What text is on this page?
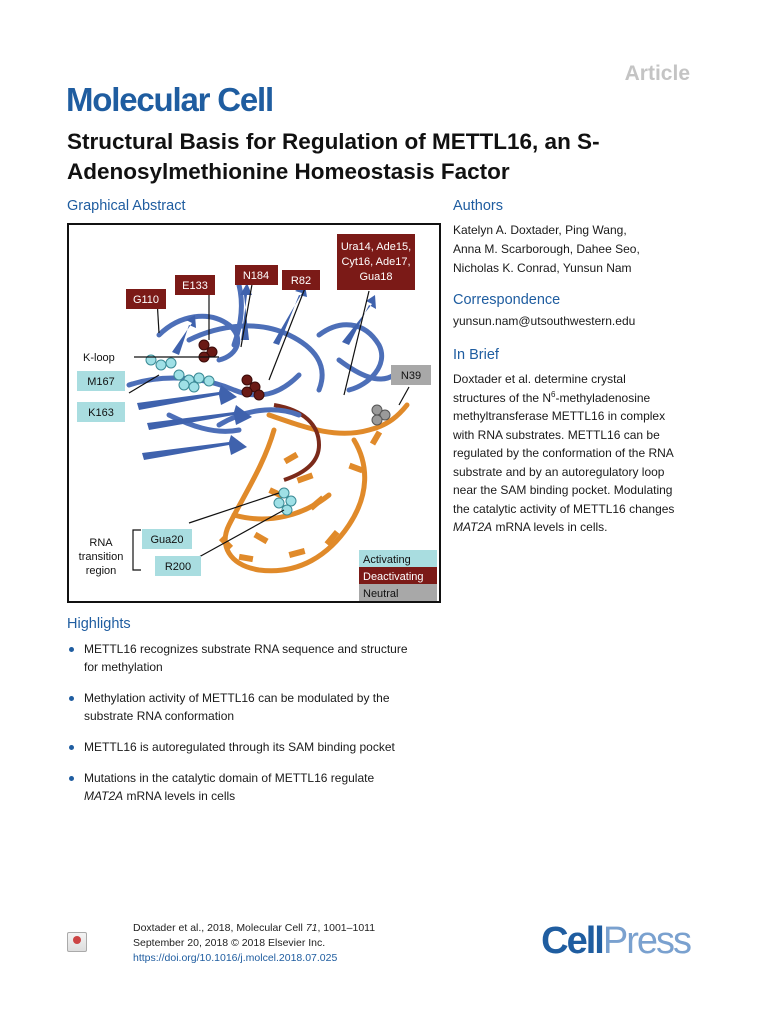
Article
Molecular Cell
Structural Basis for Regulation of METTL16, an S-Adenosylmethionine Homeostasis Factor
Graphical Abstract	Authors
Correspondence
In Brief
Highlights
Katelyn A. Doxtader, Ping Wang,
Anna M. Scarborough, Dahee Seo,
Nicholas K. Conrad, Yunsun Nam
yunsun.nam@utsouthwestern.edu
Doxtader et al. determine crystal
structures of the $N^6$-methyladenosine
methyltransferase METTL16 in complex
with RNA substrates. METTL16 can be
regulated by the conformation of the RNA
substrate and by an autoregulatory loop
near the SAM binding pocket. Modulating
the catalytic activity of METTL16 changes
MAT2A mRNA levels in cells.
Ura14, Ade15,
Cyt16, Ade17,
Gua18
N184
E133	R82
G110
K-loop
M167
K163
N39
RNA
transition
region
Gua20
R200
Activating
Deactivating
Neutral
METTL16 recognizes substrate RNA sequence and structure
for methylation
Methylation activity of METTL16 can be modulated by the
substrate RNA conformation
METTL16 is autoregulated through its SAM binding pocket
Mutations in the catalytic domain of METTL16 regulate
MAT2A mRNA levels in cells
Doxtader et al., 2018, Molecular Cell 71, 1001–1011
September 20, 2018 © 2018 Elsevier Inc.
https://doi.org/10.1016/j.molcel.2018.07.025	CellPress
